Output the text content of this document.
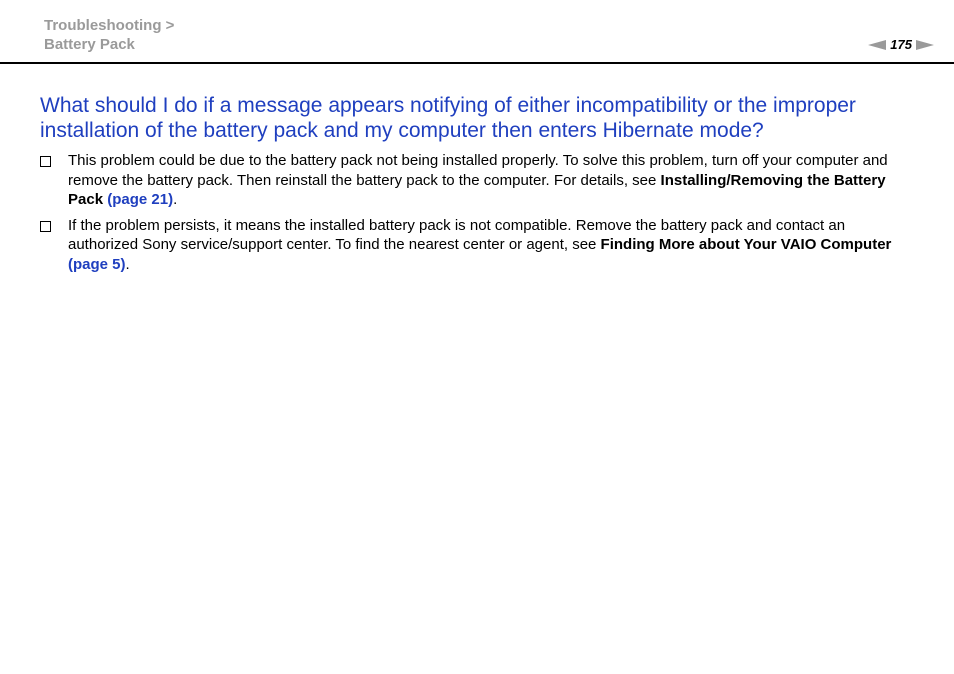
Troubleshooting >
Battery Pack	175
What should I do if a message appears notifying of either incompatibility or the improper installation of the battery pack and my computer then enters Hibernate mode?
This problem could be due to the battery pack not being installed properly. To solve this problem, turn off your computer and remove the battery pack. Then reinstall the battery pack to the computer. For details, see Installing/Removing the Battery Pack (page 21).
If the problem persists, it means the installed battery pack is not compatible. Remove the battery pack and contact an authorized Sony service/support center. To find the nearest center or agent, see Finding More about Your VAIO Computer (page 5).
